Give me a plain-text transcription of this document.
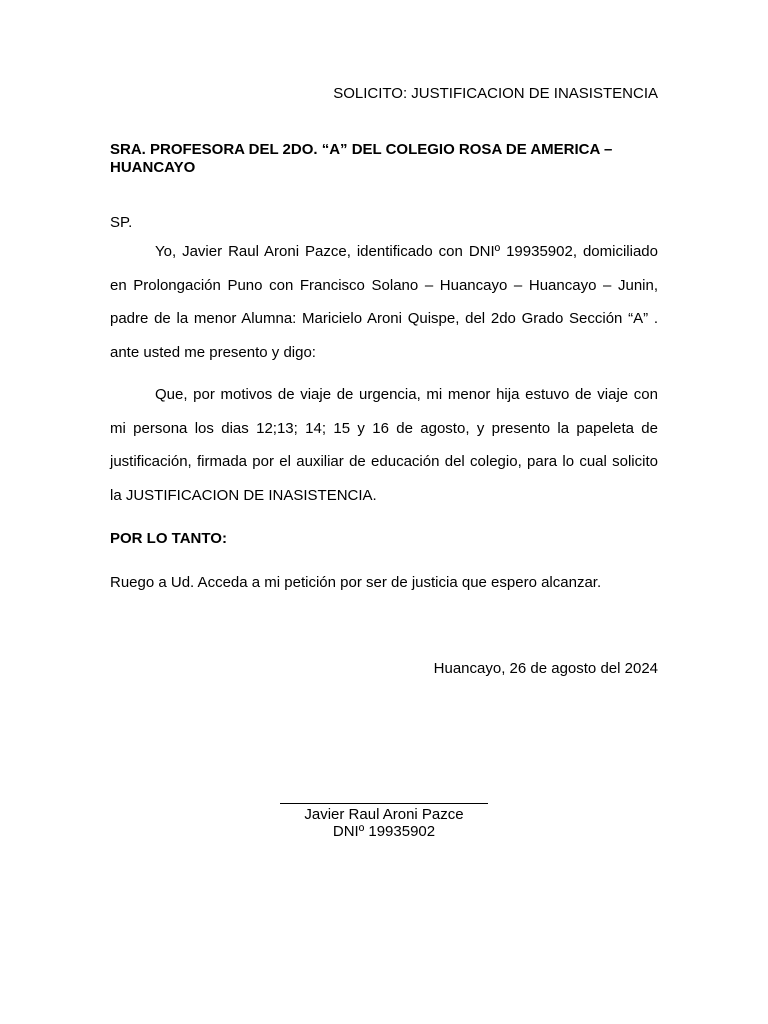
SOLICITO: JUSTIFICACION DE INASISTENCIA
SRA. PROFESORA DEL 2DO. “A” DEL COLEGIO ROSA DE AMERICA – HUANCAYO
SP.

Yo, Javier Raul Aroni Pazce, identificado con DNIº 19935902, domiciliado en Prolongación Puno con Francisco Solano – Huancayo – Huancayo – Junin, padre de la menor Alumna: Maricielo Aroni Quispe, del 2do Grado Sección “A” . ante usted me presento y digo:

Que, por motivos de viaje de urgencia, mi menor hija estuvo de viaje con mi persona los dias 12;13; 14; 15 y 16 de agosto, y presento la papeleta de justificación, firmada por el auxiliar de educación del colegio, para lo cual solicito la JUSTIFICACION DE INASISTENCIA.

POR LO TANTO:
Ruego a Ud. Acceda a mi petición por ser de justicia que espero alcanzar.
Huancayo, 26 de agosto del 2024
Javier Raul Aroni Pazce
DNIº 19935902
